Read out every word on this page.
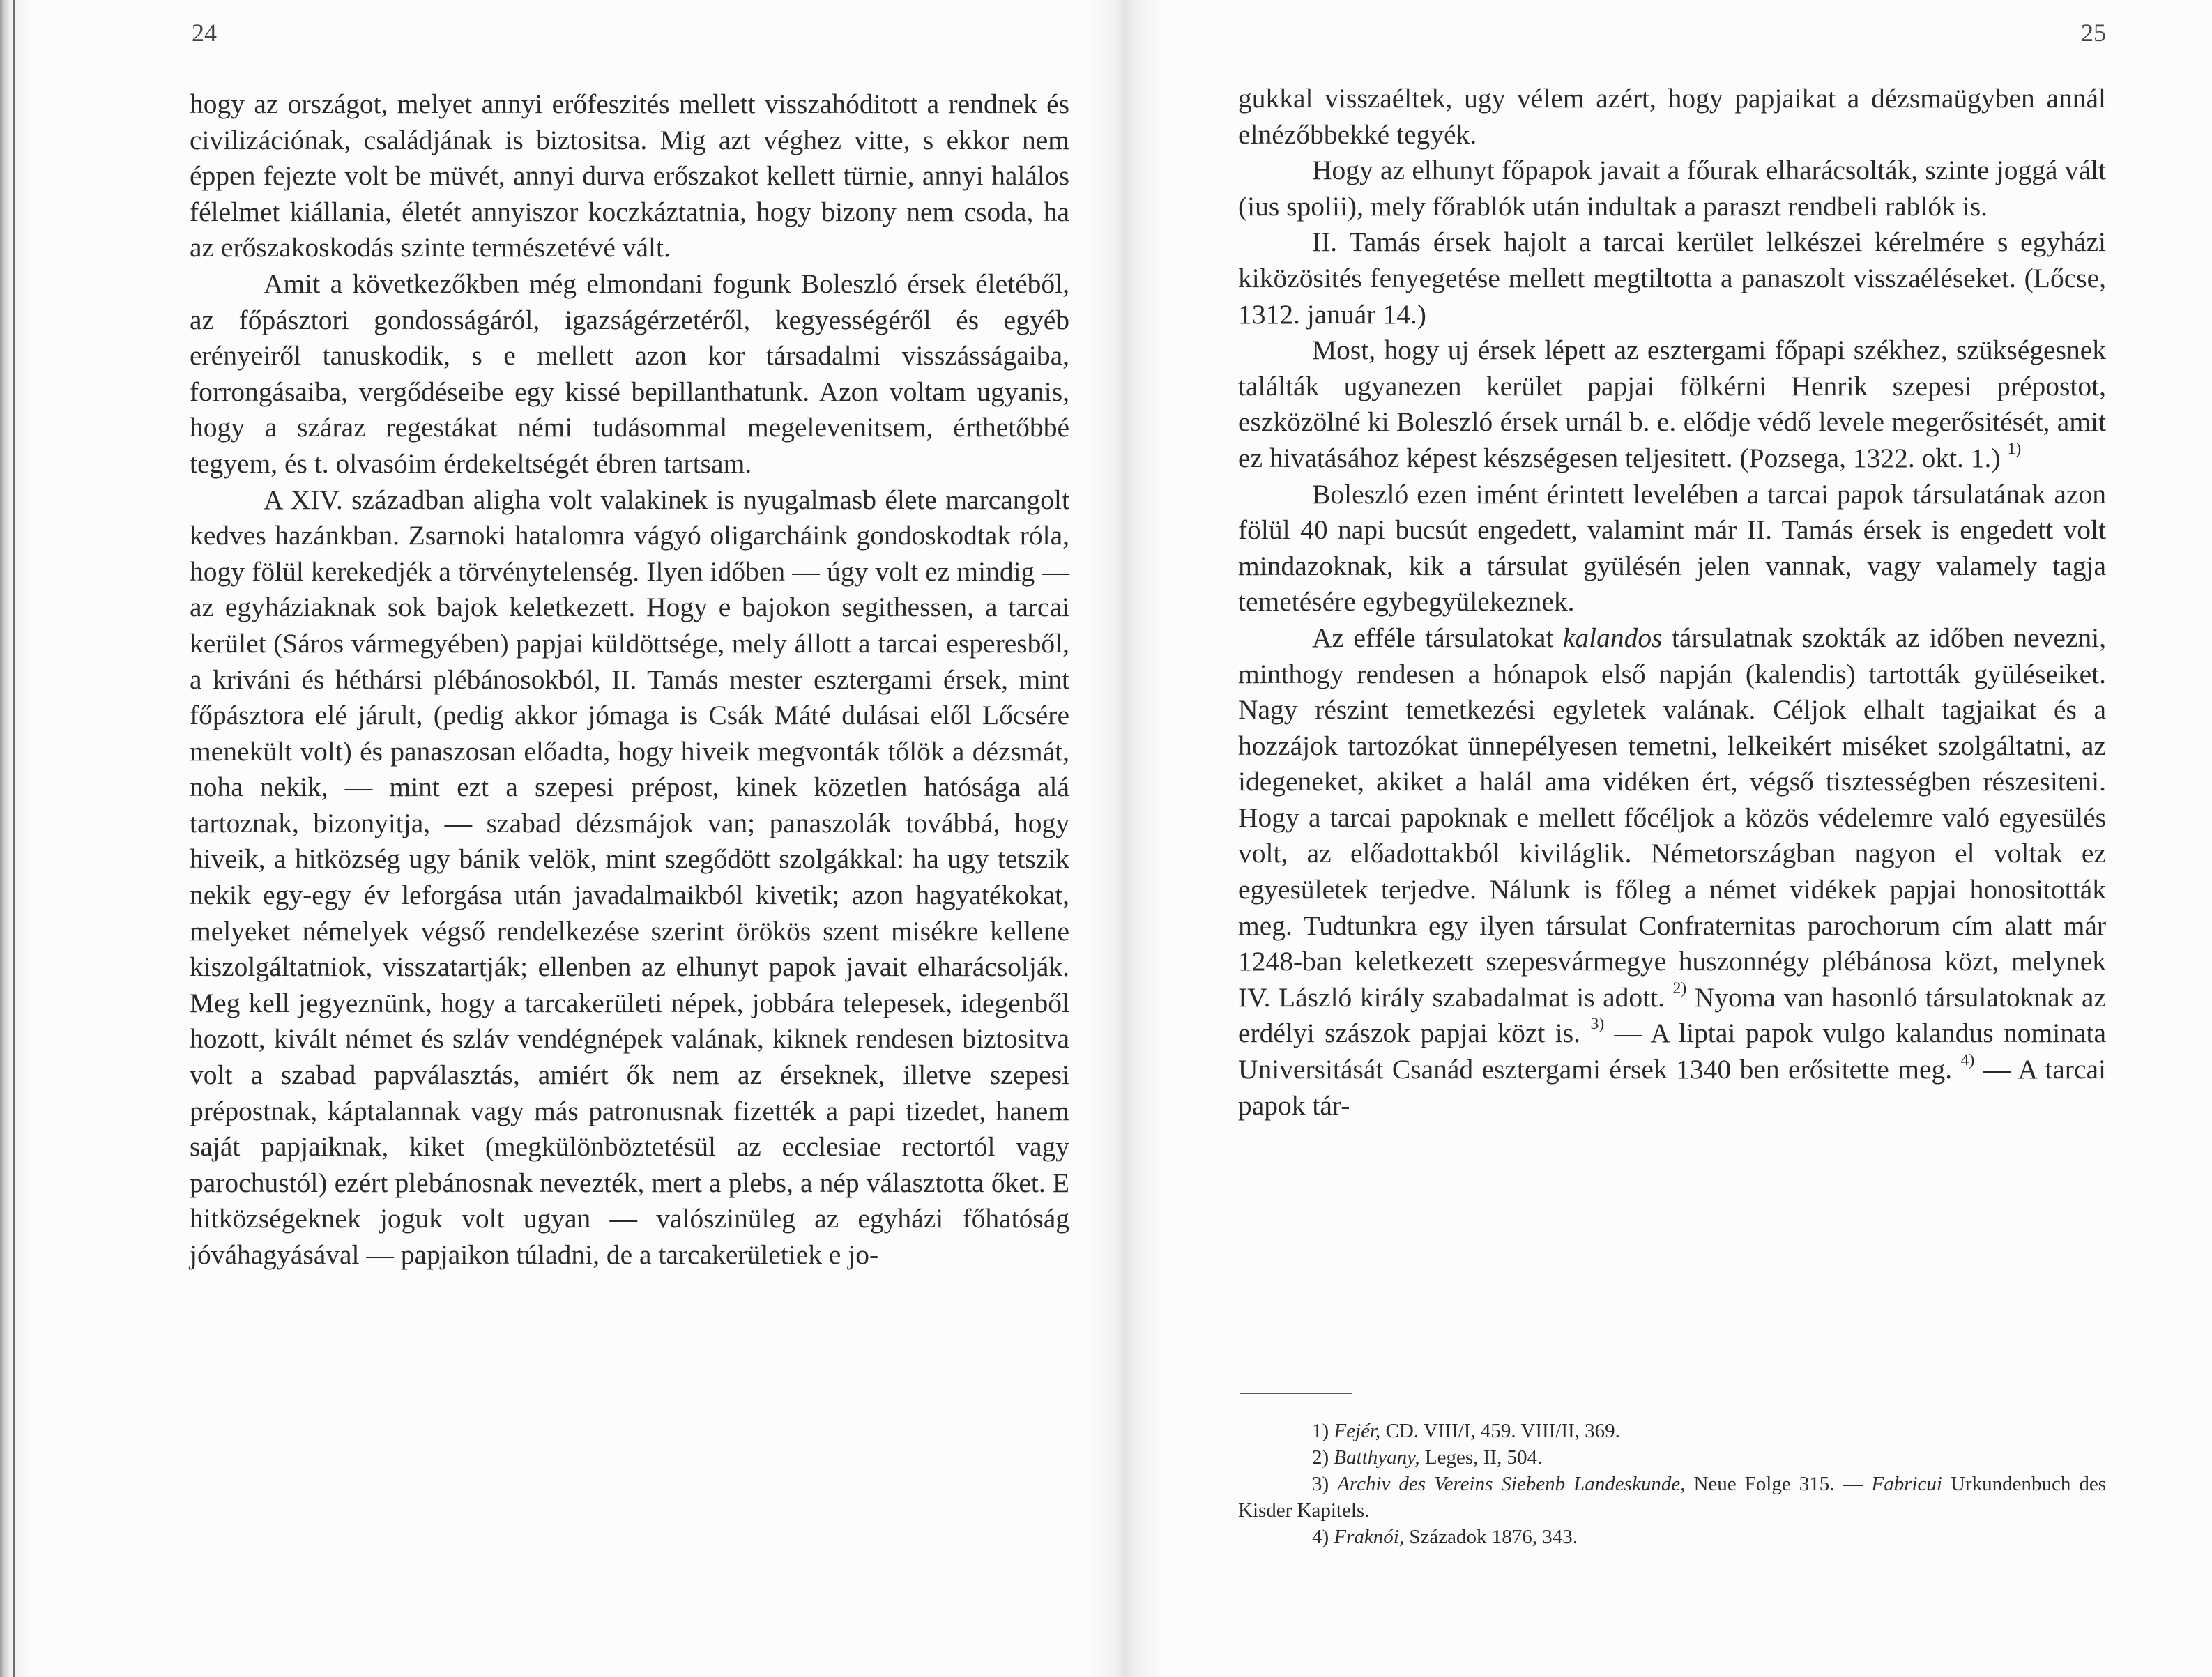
24

hogy az országot, melyet annyi erőfeszités mellett visszahóditott a rendnek és civilizációnak, családjának is biztositsa. Mig azt véghez vitte, s ekkor nem éppen fejezte volt be müvét, annyi durva erőszakot kellett türnie, annyi halálos félelmet kiállania, életét annyiszor koczkáztatnia, hogy bizony nem csoda, ha az erőszakoskodás szinte természetévé vált.

Amit a következőkben még elmondani fogunk Boleszló érsek életéből, az főpásztori gondosságáról, igazságérzetéről, kegyességéről és egyéb erényeiről tanuskodik, s e mellett azon kor társadalmi visszásságaiba, forrongásaiba, vergődéseibe egy kissé bepillanthatunk. Azon voltam ugyanis, hogy a száraz regestákat némi tudásommal megelevenitsem, érthetőbbé tegyem, és t. olvasóim érdekeltségét ébren tartsam.

A XIV. században aligha volt valakinek is nyugalmasb élete marcangolt kedves hazánkban. Zsarnoki hatalomra vágyó oligarcháink gondoskodtak róla, hogy fölül kerekedjék a törvénytelenség. Ilyen időben — úgy volt ez mindig — az egyháziaknak sok bajok keletkezett. Hogy e bajokon segithessen, a tarcai kerület (Sáros vármegyében) papjai küldöttsége, mely állott a tarcai esperesből, a kriváni és héthársi plébánosokból, II. Tamás mester esztergami érsek, mint főpásztora elé járult, (pedig akkor jómaga is Csák Máté dulásai elől Lőcsére menekült volt) és panaszosan előadta, hogy hiveik megvonták tőlök a dézsmát, noha nekik, — mint ezt a szepesi prépost, kinek közetlen hatósága alá tartoznak, bizonyitja, — szabad dézsmájok van; panaszolák továbbá, hogy hiveik, a hitközség ugy bánik velök, mint szegődött szolgákkal: ha ugy tetszik nekik egy-egy év leforgása után javadalmaikból kivetik; azon hagyatékokat, melyeket némelyek végső rendelkezése szerint örökös szent misékre kellene kiszolgáltatniok, visszatartják; ellenben az elhunyt papok javait elharácsolják. Meg kell jegyeznünk, hogy a tarcakerületi népek, jobbára telepesek, idegenből hozott, kivált német és szláv vendégnépek valának, kiknek rendesen biztositva volt a szabad papválasztás, amiért ők nem az érseknek, illetve szepesi prépostnak, káptalannak vagy más patronusnak fizették a papi tizedet, hanem saját papjaiknak, kiket (megkülönböztetésül az ecclesiae rectortól vagy parochustól) ezért plebánosnak nevezték, mert a plebs, a nép választotta őket. E hitközségeknek joguk volt ugyan — valószinüleg az egyházi főhatóság jóváhagyásával — papjaikon túladni, de a tarcakerületiek e jo-

25

gukkal visszaéltek, ugy vélem azért, hogy papjaikat a dézsmaügyben annál elnézőbbekké tegyék.

Hogy az elhunyt főpapok javait a főurak elharácsolták, szinte joggá vált (ius spolii), mely főrablók után indultak a paraszt rendbeli rablók is.

II. Tamás érsek hajolt a tarcai kerület lelkészei kérelmére s egyházi kiközösités fenyegetése mellett megtiltotta a panaszolt visszaéléseket. (Lőcse, 1312. január 14.)

Most, hogy uj érsek lépett az esztergami főpapi székhez, szükségesnek találták ugyanezen kerület papjai fölkérni Henrik szepesi prépostot, eszközölné ki Boleszló érsek urnál b. e. elődje védő levele megerősitését, amit ez hivatásához képest készségesen teljesitett. (Pozsega, 1322. okt. 1.) $^{1)}$

Boleszló ezen imént érintett levelében a tarcai papok társulatának azon fölül 40 napi bucsút engedett, valamint már II. Tamás érsek is engedett volt mindazoknak, kik a társulat gyülésén jelen vannak, vagy valamely tagja temetésére egybegyülekeznek.

Az efféle társulatokat kalandos társulatnak szokták az időben nevezni, minthogy rendesen a hónapok első napján (kalendis) tartották gyüléseiket. Nagy részint temetkezési egyletek valának. Céljok elhalt tagjaikat és a hozzájok tartozókat ünnepélyesen temetni, lelkeikért miséket szolgáltatni, az idegeneket, akiket a halál ama vidéken ért, végső tisztességben részesiteni. Hogy a tarcai papoknak e mellett főcéljok a közös védelemre való egyesülés volt, az előadottakból kiviláglik. Németországban nagyon el voltak ez egyesületek terjedve. Nálunk is főleg a német vidékek papjai honositották meg. Tudtunkra egy ilyen társulat Confraternitas parochorum cím alatt már 1248-ban keletkezett szepesvármegye huszonnégy plébánosa közt, melynek IV. László király szabadalmat is adott. $^{2)}$ Nyoma van hasonló társulatoknak az erdélyi szászok papjai közt is. $^{3)}$ — A liptai papok vulgo kalandus nominata Universitását Csanád esztergami érsek 1340 ben erősitette meg. $^{4)}$ — A tarcai papok tár-

1) Fejér, CD. VIII/I, 459. VIII/II, 369.

2) Batthyany, Leges, II, 504.

3) Archiv des Vereins Siebenb Landeskunde, Neue Folge 315. — Fabricui Urkundenbuch des Kisder Kapitels.

4) Fraknói, Századok 1876, 343.
